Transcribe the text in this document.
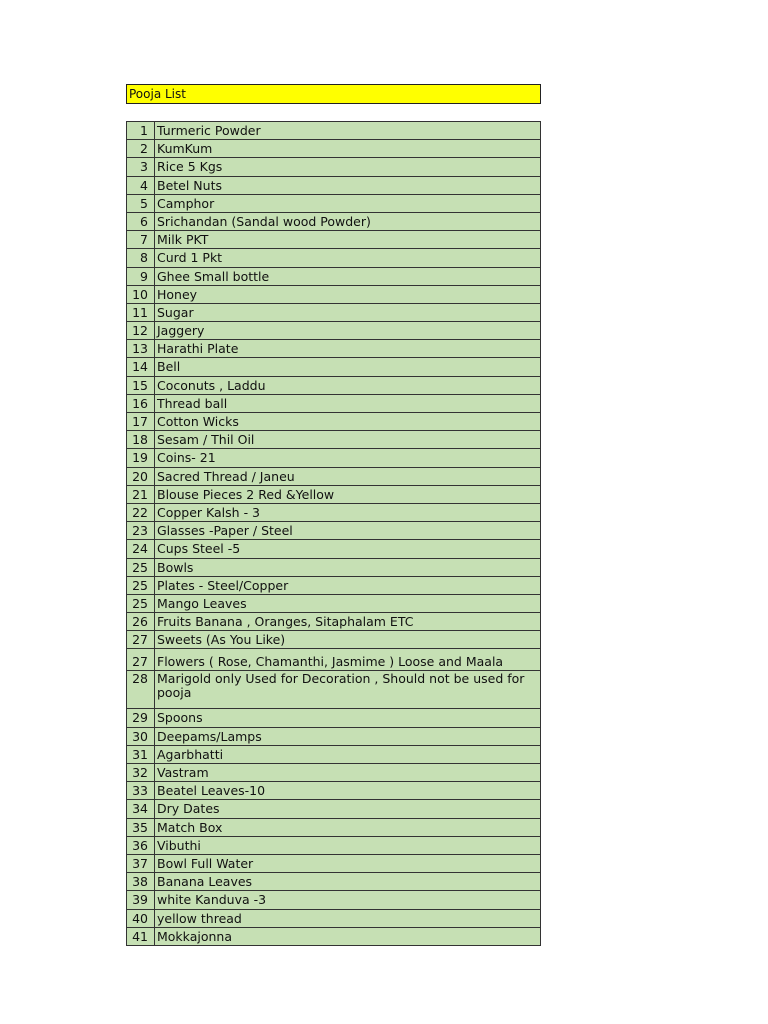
Pooja List
1	Turmeric Powder
2	KumKum
3	Rice 5 Kgs
4	Betel Nuts
5	Camphor
6	Srichandan (Sandal wood Powder)
7	Milk PKT
8	Curd 1 Pkt
9	Ghee Small bottle
10	Honey
11	Sugar
12	Jaggery
13	Harathi Plate
14	Bell
15	Coconuts , Laddu
16	Thread ball
17	Cotton Wicks
18	Sesam / Thil Oil
19	Coins- 21
20	Sacred Thread / Janeu
21	Blouse Pieces 2 Red &Yellow
22	Copper Kalsh - 3
23	Glasses -Paper / Steel
24	Cups Steel -5
25	Bowls
25	Plates - Steel/Copper
25	Mango Leaves
26	Fruits Banana , Oranges, Sitaphalam ETC
27	Sweets (As You Like)
27	Flowers ( Rose, Chamanthi, Jasmime ) Loose and Maala
28	Marigold only Used for Decoration , Should not be used for pooja
29	Spoons
30	Deepams/Lamps
31	Agarbhatti
32	Vastram
33	Beatel Leaves-10
34	Dry Dates
35	Match Box
36	Vibuthi
37	Bowl Full Water
38	Banana Leaves
39	white Kanduva -3
40	yellow thread
41	Mokkajonna
